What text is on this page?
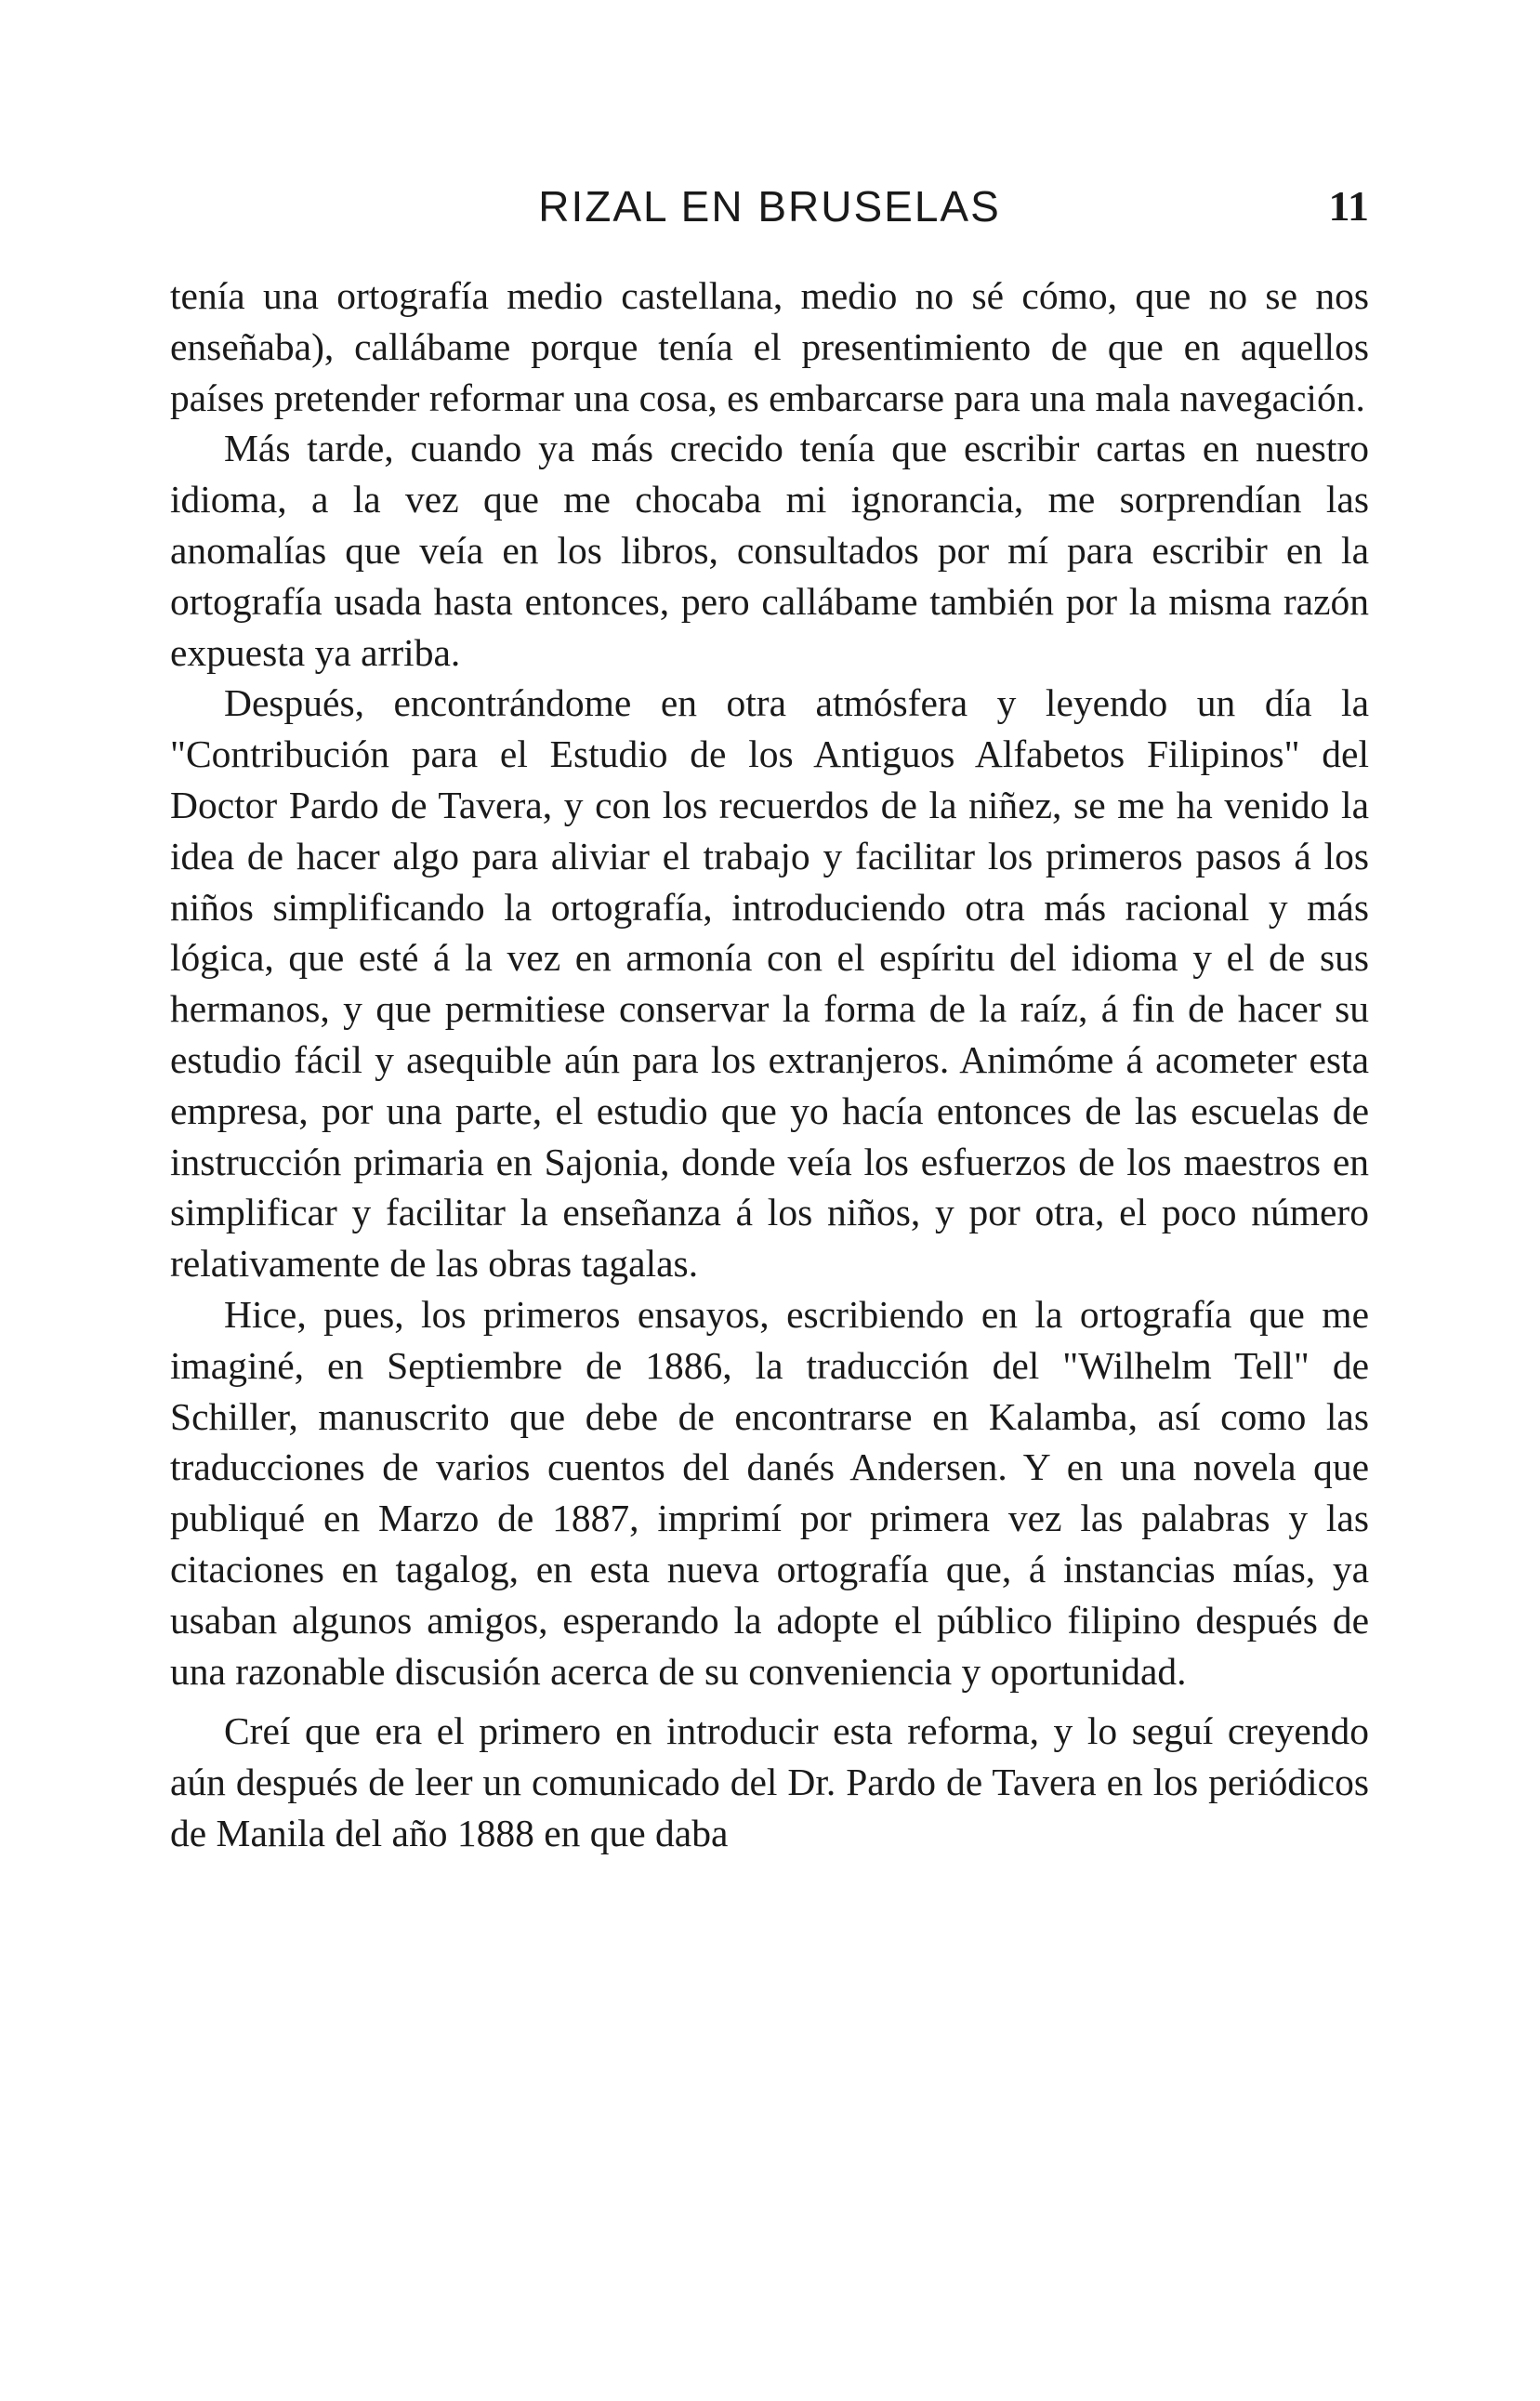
RIZAL EN BRUSELAS	11

tenía una ortografía medio castellana, medio no sé cómo, que no se nos enseñaba), callábame porque tenía el presentimiento de que en aquellos países pretender reformar una cosa, es embarcarse para una mala navegación.

Más tarde, cuando ya más crecido tenía que escribir cartas en nuestro idioma, a la vez que me chocaba mi ignorancia, me sorprendían las anomalías que veía en los libros, consultados por mí para escribir en la ortografía usada hasta entonces, pero callábame también por la misma razón expuesta ya arriba.

Después, encontrándome en otra atmósfera y leyendo un día la "Contribución para el Estudio de los Antiguos Alfabetos Filipinos" del Doctor Pardo de Tavera, y con los recuerdos de la niñez, se me ha venido la idea de hacer algo para aliviar el trabajo y facilitar los primeros pasos á los niños simplificando la ortografía, introduciendo otra más racional y más lógica, que esté á la vez en armonía con el espíritu del idioma y el de sus hermanos, y que permitiese conservar la forma de la raíz, á fin de hacer su estudio fácil y asequible aún para los extranjeros. Animóme á acometer esta empresa, por una parte, el estudio que yo hacía entonces de las escuelas de instrucción primaria en Sajonia, donde veía los esfuerzos de los maestros en simplificar y facilitar la enseñanza á los niños, y por otra, el poco número relativamente de las obras tagalas.

Hice, pues, los primeros ensayos, escribiendo en la ortografía que me imaginé, en Septiembre de 1886, la traducción del "Wilhelm Tell" de Schiller, manuscrito que debe de encontrarse en Kalamba, así como las traducciones de varios cuentos del danés Andersen. Y en una novela que publiqué en Marzo de 1887, imprimí por primera vez las palabras y las citaciones en tagalog, en esta nueva ortografía que, á instancias mías, ya usaban algunos amigos, esperando la adopte el público filipino después de una razonable discusión acerca de su conveniencia y oportunidad.

Creí que era el primero en introducir esta reforma, y lo seguí creyendo aún después de leer un comunicado del Dr. Pardo de Tavera en los periódicos de Manila del año 1888 en que daba
